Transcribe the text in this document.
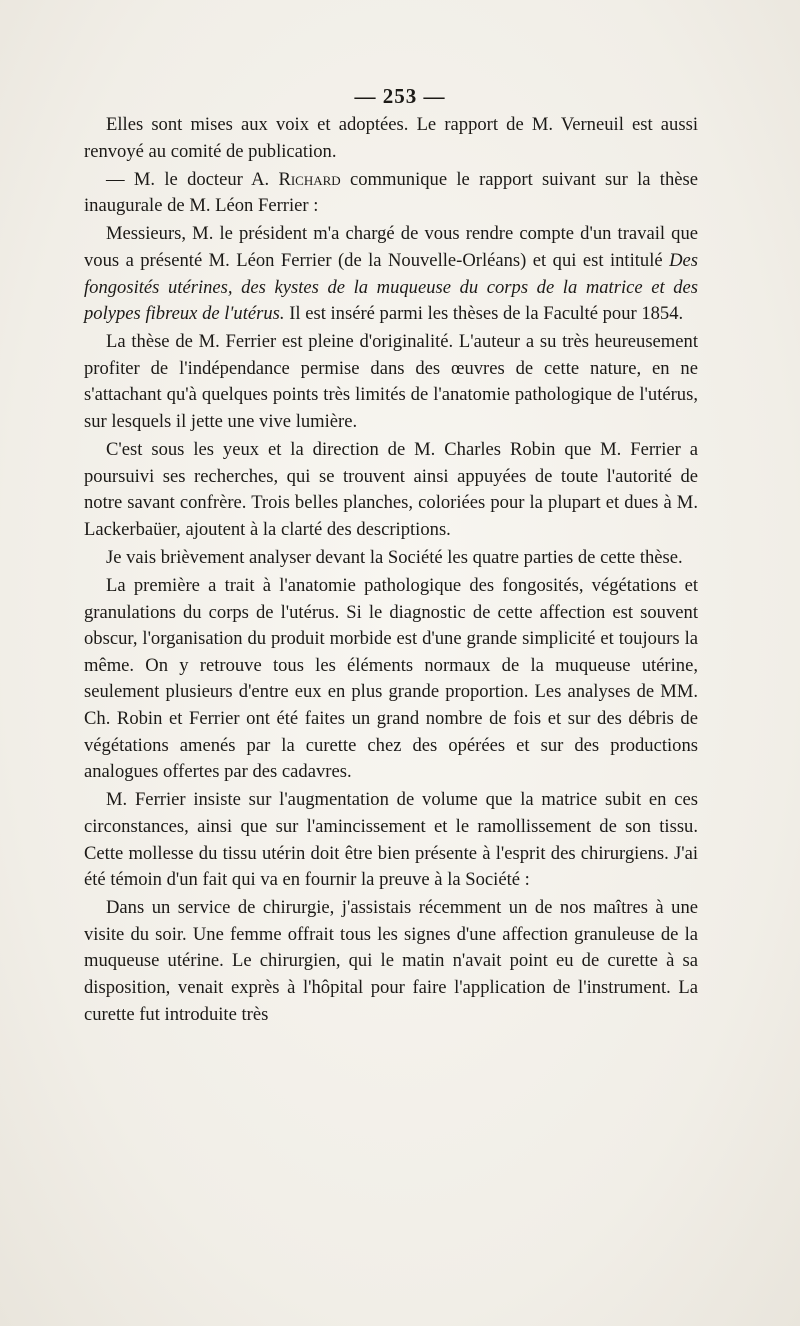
— 253 —

Elles sont mises aux voix et adoptées. Le rapport de M. Verneuil est aussi renvoyé au comité de publication.

— M. le docteur A. Richard communique le rapport suivant sur la thèse inaugurale de M. Léon Ferrier :

Messieurs, M. le président m'a chargé de vous rendre compte d'un travail que vous a présenté M. Léon Ferrier (de la Nouvelle-Orléans) et qui est intitulé Des fongosités utérines, des kystes de la muqueuse du corps de la matrice et des polypes fibreux de l'utérus. Il est inséré parmi les thèses de la Faculté pour 1854.

La thèse de M. Ferrier est pleine d'originalité. L'auteur a su très heureusement profiter de l'indépendance permise dans des œuvres de cette nature, en ne s'attachant qu'à quelques points très limités de l'anatomie pathologique de l'utérus, sur lesquels il jette une vive lumière.

C'est sous les yeux et la direction de M. Charles Robin que M. Ferrier a poursuivi ses recherches, qui se trouvent ainsi appuyées de toute l'autorité de notre savant confrère. Trois belles planches, coloriées pour la plupart et dues à M. Lackerbaüer, ajoutent à la clarté des descriptions.

Je vais brièvement analyser devant la Société les quatre parties de cette thèse.

La première a trait à l'anatomie pathologique des fongosités, végétations et granulations du corps de l'utérus. Si le diagnostic de cette affection est souvent obscur, l'organisation du produit morbide est d'une grande simplicité et toujours la même. On y retrouve tous les éléments normaux de la muqueuse utérine, seulement plusieurs d'entre eux en plus grande proportion. Les analyses de MM. Ch. Robin et Ferrier ont été faites un grand nombre de fois et sur des débris de végétations amenés par la curette chez des opérées et sur des productions analogues offertes par des cadavres.

M. Ferrier insiste sur l'augmentation de volume que la matrice subit en ces circonstances, ainsi que sur l'amincissement et le ramollissement de son tissu. Cette mollesse du tissu utérin doit être bien présente à l'esprit des chirurgiens. J'ai été témoin d'un fait qui va en fournir la preuve à la Société :

Dans un service de chirurgie, j'assistais récemment un de nos maîtres à une visite du soir. Une femme offrait tous les signes d'une affection granuleuse de la muqueuse utérine. Le chirurgien, qui le matin n'avait point eu de curette à sa disposition, venait exprès à l'hôpital pour faire l'application de l'instrument. La curette fut introduite très
